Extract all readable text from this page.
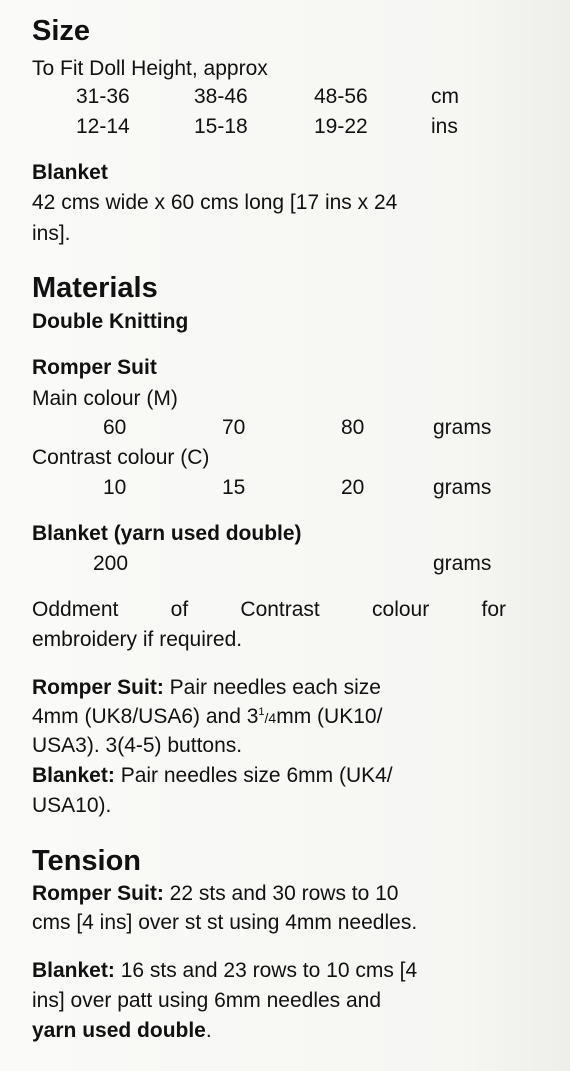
Size
To Fit Doll Height, approx
31-36	38-46	48-56	cm
12-14	15-18	19-22	ins
Blanket
42 cms wide x 60 cms long [17 ins x 24
ins].
Materials
Double Knitting
Romper Suit
Main colour (M)
60	70	80	grams
Contrast colour (C)
10	15	20	grams
Blanket (yarn used double)
200	grams
Oddment of Contrast colour for
embroidery if required.
Romper Suit: Pair needles each size
4mm (UK8/USA6) and $3^1/4mm$ (UK10/
USA3). 3(4-5) buttons.
Blanket: Pair needles size 6mm (UK4/
USA10).
Tension
Romper Suit: 22 sts and 30 rows to 10
cms [4 ins] over st st using 4mm needles.
Blanket: 16 sts and 23 rows to 10 cms [4
ins] over patt using 6mm needles and
yarn used double.
